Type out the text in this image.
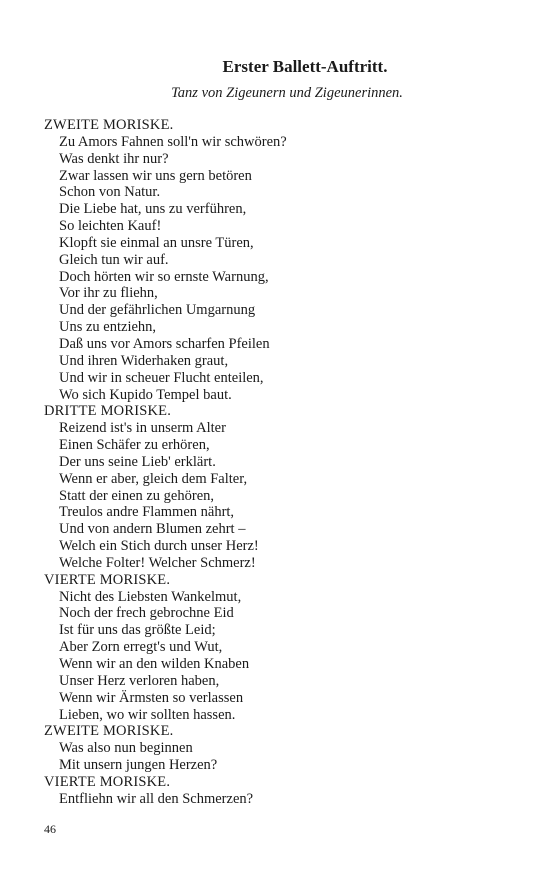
Erster Ballett-Auftritt.
Tanz von Zigeunern und Zigeunerinnen.
ZWEITE MORISKE.
Zu Amors Fahnen soll'n wir schwören?
Was denkt ihr nur?
Zwar lassen wir uns gern betören
Schon von Natur.
Die Liebe hat, uns zu verführen,
So leichten Kauf!
Klopft sie einmal an unsre Türen,
Gleich tun wir auf.
Doch hörten wir so ernste Warnung,
Vor ihr zu fliehn,
Und der gefährlichen Umgarnung
Uns zu entziehn,
Daß uns vor Amors scharfen Pfeilen
Und ihren Widerhaken graut,
Und wir in scheuer Flucht enteilen,
Wo sich Kupido Tempel baut.
DRITTE MORISKE.
Reizend ist's in unserm Alter
Einen Schäfer zu erhören,
Der uns seine Lieb' erklärt.
Wenn er aber, gleich dem Falter,
Statt der einen zu gehören,
Treulos andre Flammen nährt,
Und von andern Blumen zehrt –
Welch ein Stich durch unser Herz!
Welche Folter! Welcher Schmerz!
VIERTE MORISKE.
Nicht des Liebsten Wankelmut,
Noch der frech gebrochne Eid
Ist für uns das größte Leid;
Aber Zorn erregt's und Wut,
Wenn wir an den wilden Knaben
Unser Herz verloren haben,
Wenn wir Ärmsten so verlassen
Lieben, wo wir sollten hassen.
ZWEITE MORISKE.
Was also nun beginnen
Mit unsern jungen Herzen?
VIERTE MORISKE.
Entfliehn wir all den Schmerzen?
46
